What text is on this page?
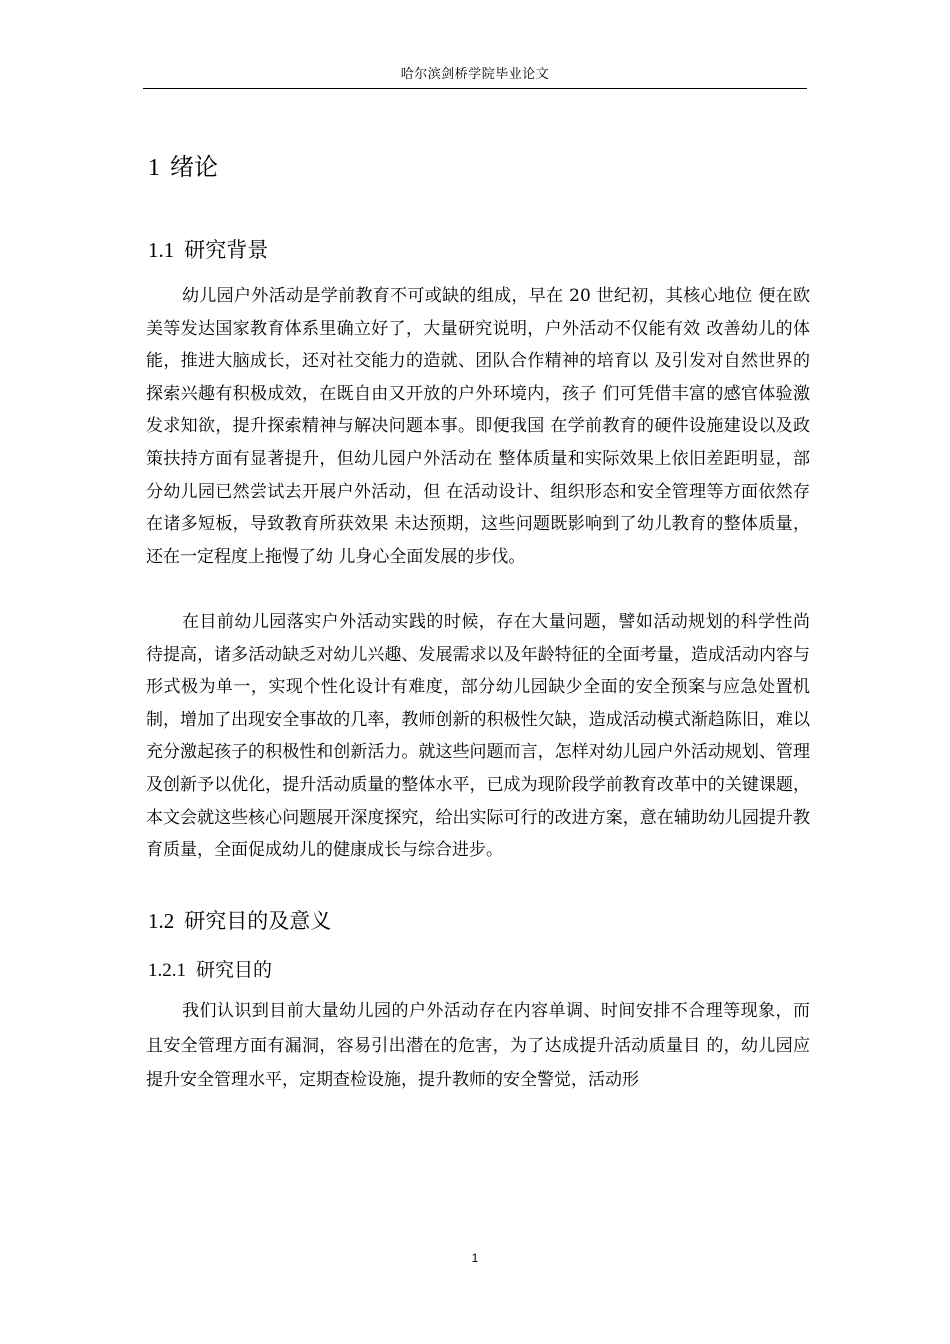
哈尔滨剑桥学院毕业论文
1 绪论
1.1 研究背景

幼儿园户外活动是学前教育不可或缺的组成，早在 20 世纪初，其核心地位 便在欧美等发达国家教育体系里确立好了，大量研究说明，户外活动不仅能有效 改善幼儿的体能，推进大脑成长，还对社交能力的造就、团队合作精神的培育以 及引发对自然世界的探索兴趣有积极成效，在既自由又开放的户外环境内，孩子 们可凭借丰富的感官体验激发求知欲，提升探索精神与解决问题本事。即便我国 在学前教育的硬件设施建设以及政策扶持方面有显著提升，但幼儿园户外活动在 整体质量和实际效果上依旧差距明显，部分幼儿园已然尝试去开展户外活动，但 在活动设计、组织形态和安全管理等方面依然存在诸多短板，导致教育所获效果 未达预期，这些问题既影响到了幼儿教育的整体质量，还在一定程度上拖慢了幼 儿身心全面发展的步伐。

在目前幼儿园落实户外活动实践的时候，存在大量问题，譬如活动规划的科学性尚待提高，诸多活动缺乏对幼儿兴趣、发展需求以及年龄特征的全面考量，造成活动内容与形式极为单一，实现个性化设计有难度，部分幼儿园缺少全面的安全预案与应急处置机制，增加了出现安全事故的几率，教师创新的积极性欠缺，造成活动模式渐趋陈旧，难以充分激起孩子的积极性和创新活力。就这些问题而言，怎样对幼儿园户外活动规划、管理及创新予以优化，提升活动质量的整体水平，已成为现阶段学前教育改革中的关键课题，本文会就这些核心问题展开深度探究，给出实际可行的改进方案，意在辅助幼儿园提升教育质量，全面促成幼儿的健康成长与综合进步。

1.2 研究目的及意义
1.2.1 研究目的

我们认识到目前大量幼儿园的户外活动存在内容单调、时间安排不合理等现象，而且安全管理方面有漏洞，容易引出潜在的危害，为了达成提升活动质量目 的，幼儿园应提升安全管理水平，定期查检设施，提升教师的安全警觉，活动形

1
